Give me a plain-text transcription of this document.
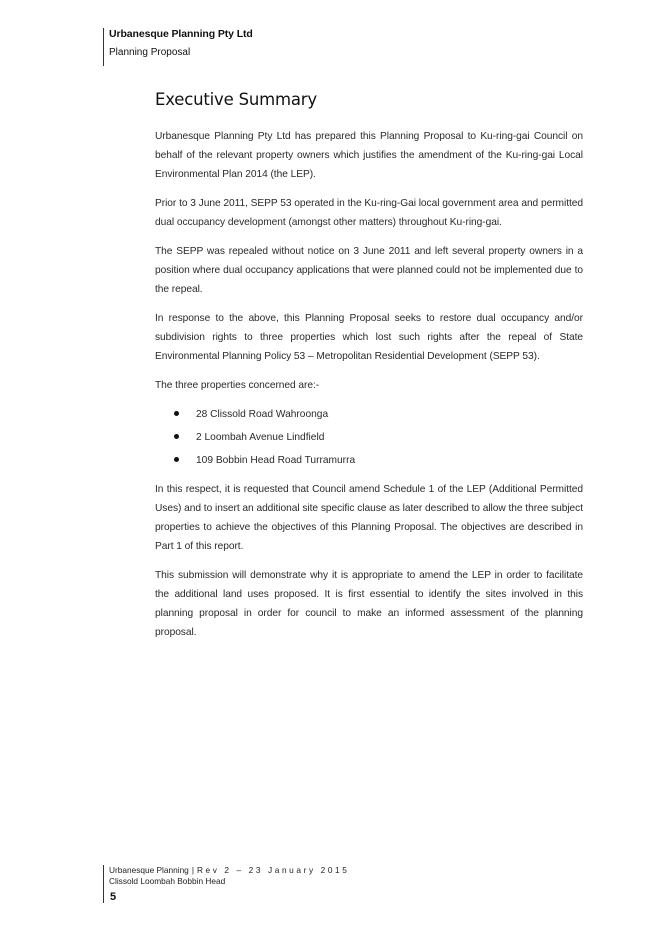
Urbanesque Planning Pty Ltd
Planning Proposal
Executive Summary

Urbanesque Planning Pty Ltd has prepared this Planning Proposal to Ku-ring-gai Council on behalf of the relevant property owners which justifies the amendment of the Ku-ring-gai Local Environmental Plan 2014 (the LEP).

Prior to 3 June 2011, SEPP 53 operated in the Ku-ring-Gai local government area and permitted dual occupancy development (amongst other matters) throughout Ku-ring-gai.

The SEPP was repealed without notice on 3 June 2011 and left several property owners in a position where dual occupancy applications that were planned could not be implemented due to the repeal.

In response to the above, this Planning Proposal seeks to restore dual occupancy and/or subdivision rights to three properties which lost such rights after the repeal of State Environmental Planning Policy 53 – Metropolitan Residential Development (SEPP 53).

The three properties concerned are:-

28 Clissold Road Wahroonga
2 Loombah Avenue Lindfield
109 Bobbin Head Road Turramurra

In this respect, it is requested that Council amend Schedule 1 of the LEP (Additional Permitted Uses) and to insert an additional site specific clause as later described to allow the three subject properties to achieve the objectives of this Planning Proposal. The objectives are described in Part 1 of this report.

This submission will demonstrate why it is appropriate to amend the LEP in order to facilitate the additional land uses proposed. It is first essential to identify the sites involved in this planning proposal in order for council to make an informed assessment of the planning proposal.

Urbanesque Planning | Rev 2 – 23 January 2015
Clissold Loombah Bobbin Head
5
